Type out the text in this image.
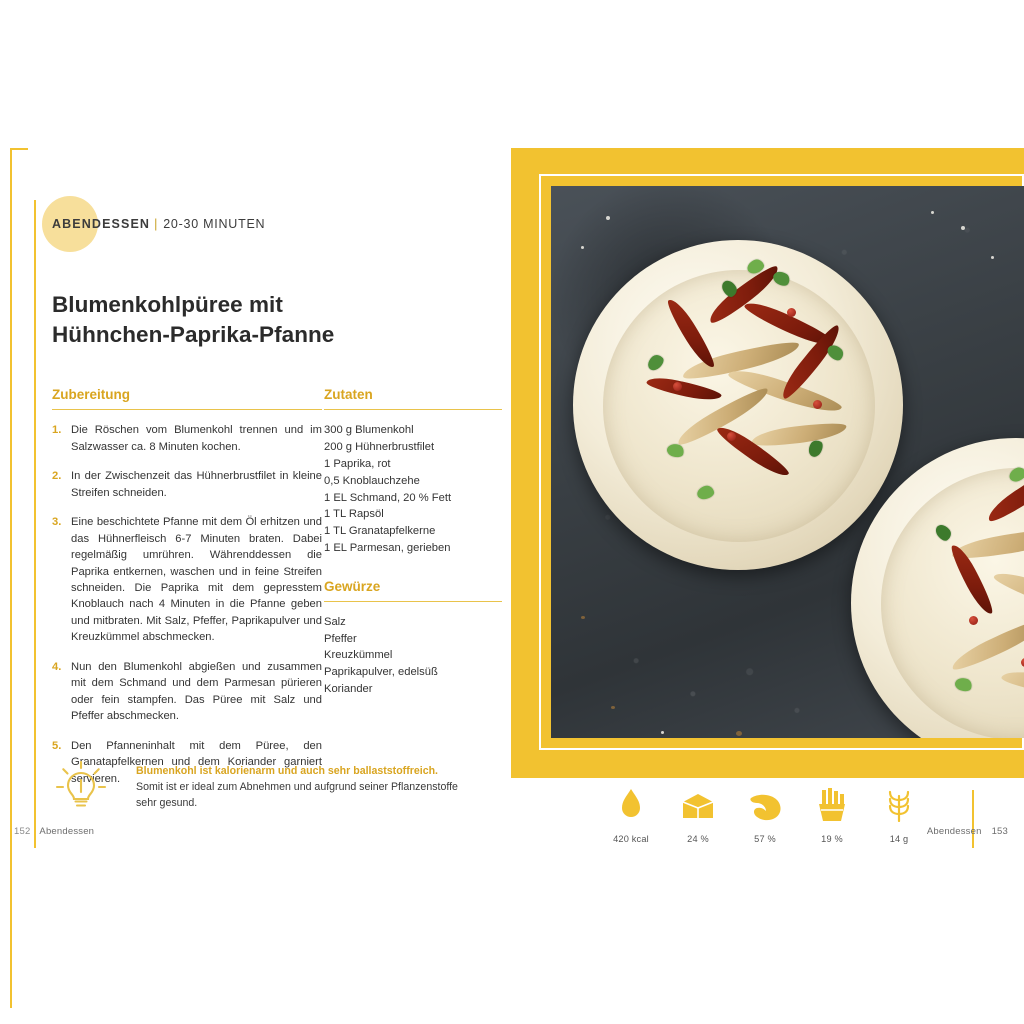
ABENDESSEN | 20-30 MINUTEN
Blumenkohlpüree mit Hühnchen-Paprika-Pfanne
Zubereitung
1. Die Röschen vom Blumenkohl trennen und im Salzwasser ca. 8 Minuten kochen.
2. In der Zwischenzeit das Hühnerbrustfilet in kleine Streifen schneiden.
3. Eine beschichtete Pfanne mit dem Öl erhitzen und das Hühnerfleisch 6-7 Minuten braten. Dabei regelmäßig umrühren. Währenddessen die Paprika entkernen, waschen und in feine Streifen schneiden. Die Paprika mit dem gepresstem Knoblauch nach 4 Minuten in die Pfanne geben und mitbraten. Mit Salz, Pfeffer, Paprikapulver und Kreuzkümmel abschmecken.
4. Nun den Blumenkohl abgießen und zusammen mit dem Schmand und dem Parmesan pürieren oder fein stampfen. Das Püree mit Salz und Pfeffer abschmecken.
5. Den Pfanneninhalt mit dem Püree, den Granatapfelkernen und dem Koriander garniert servieren.
Zutaten
300 g Blumenkohl
200 g Hühnerbrustfilet
1 Paprika, rot
0,5 Knoblauchzehe
1 EL Schmand, 20 % Fett
1 TL Rapsöl
1 TL Granatapfelkerne
1 EL Parmesan, gerieben
Gewürze
Salz
Pfeffer
Kreuzkümmel
Paprikapulver, edelsüß
Koriander
Blumenkohl ist kalorienarm und auch sehr ballaststoffreich.
Somit ist er ideal zum Abnehmen und aufgrund seiner Pflanzenstoffe sehr gesund.
152 Abendessen	Abendessen 153
420 kcal	24 %	57 %	19 %	14 g
